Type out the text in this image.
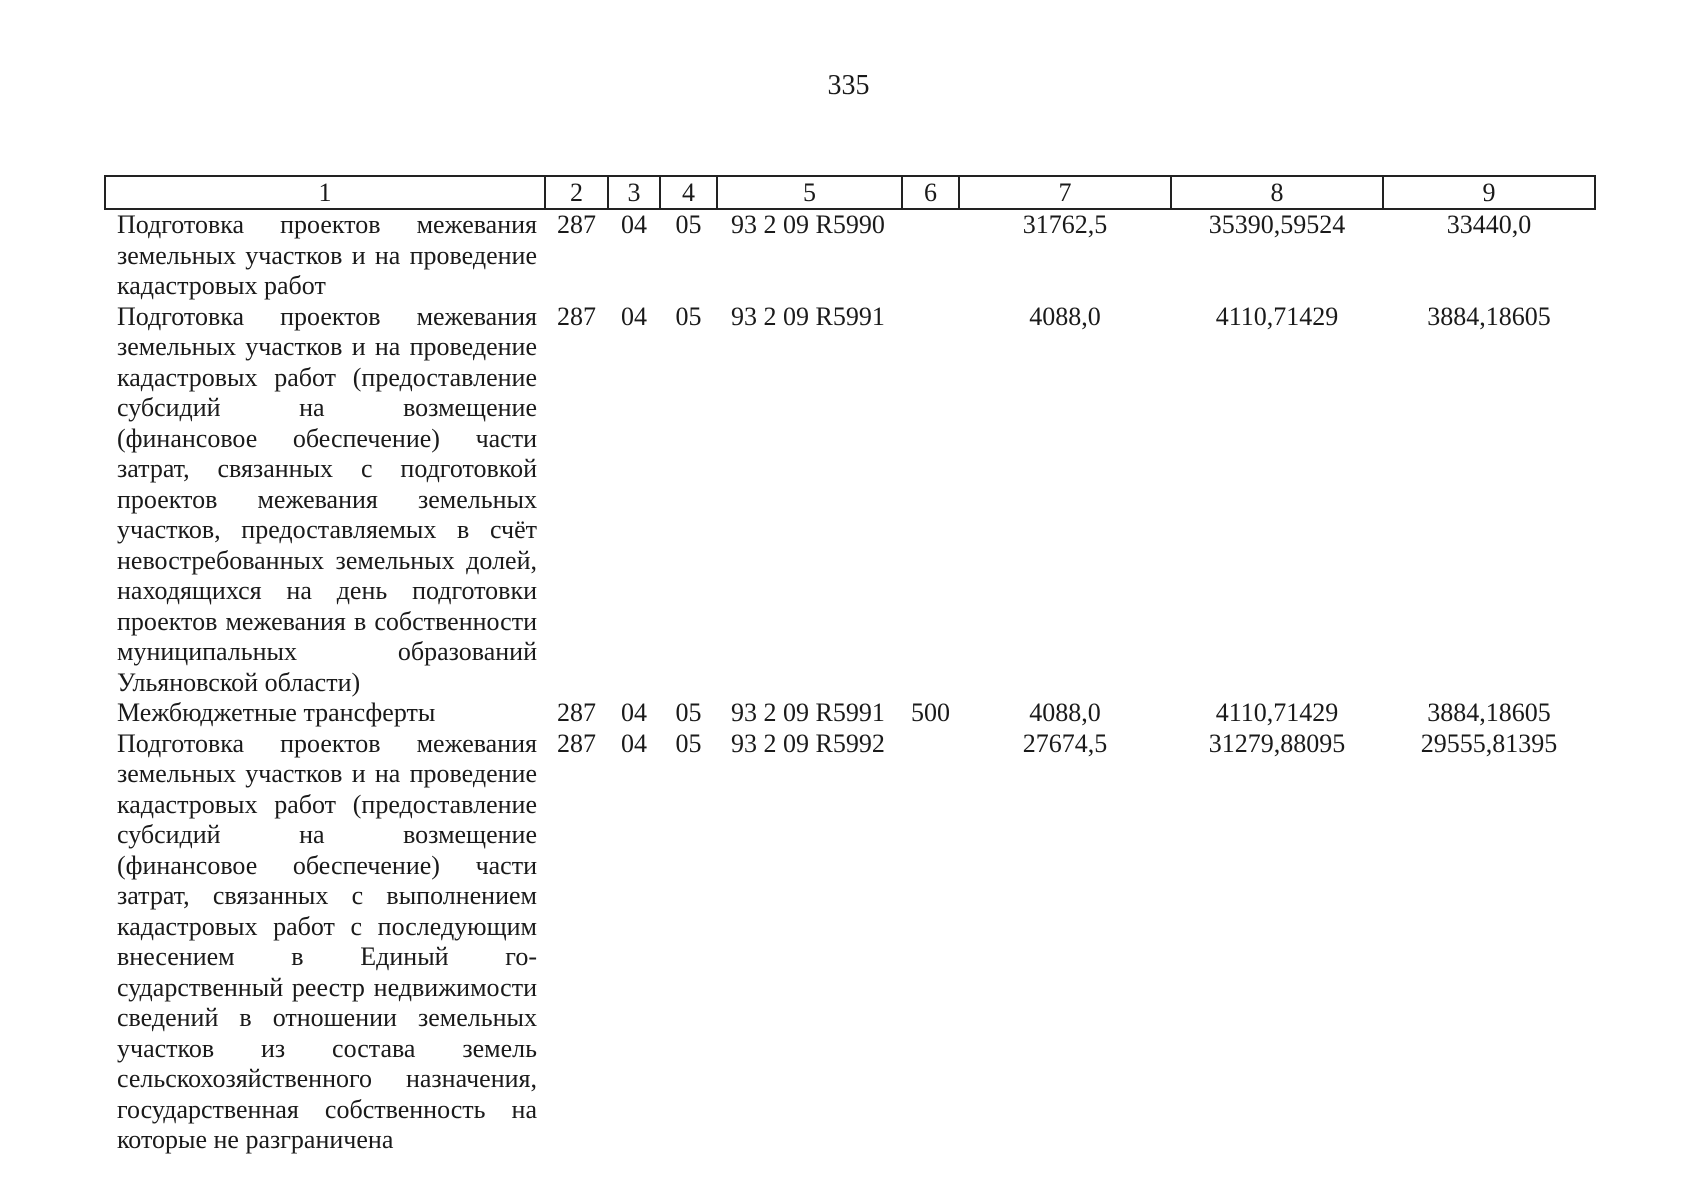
335
1	2	3	4	5	6	7	8	9
Подготовка проектов межевания земельных участков и на проведение кадастровых работ	287	04	05	93 2 09 R5990		31762,5	35390,59524	33440,0
Подготовка проектов межевания земельных участков и на проведение кадастровых работ (предоставление субсидий на возмещение (финансовое обеспечение) части затрат, связанных с подготовкой проектов межевания земельных участков, предоставляемых в счёт невостребованных земельных долей, находящихся на день подготовки проектов межевания в собственности муниципальных образований Ульяновской области)	287	04	05	93 2 09 R5991		4088,0	4110,71429	3884,18605
Межбюджетные трансферты	287	04	05	93 2 09 R5991	500	4088,0	4110,71429	3884,18605
Подготовка проектов межевания земельных участков и на проведение кадастровых работ (предоставление субсидий на возмещение (финансовое обеспечение) части затрат, связанных с выполнением кадастровых работ с последующим внесением в Единый государственный реестр недвижимости сведений в отношении земельных участков из состава земель сельскохозяйственного назначения, государственная собственность на которые не разграничена	287	04	05	93 2 09 R5992		27674,5	31279,88095	29555,81395
